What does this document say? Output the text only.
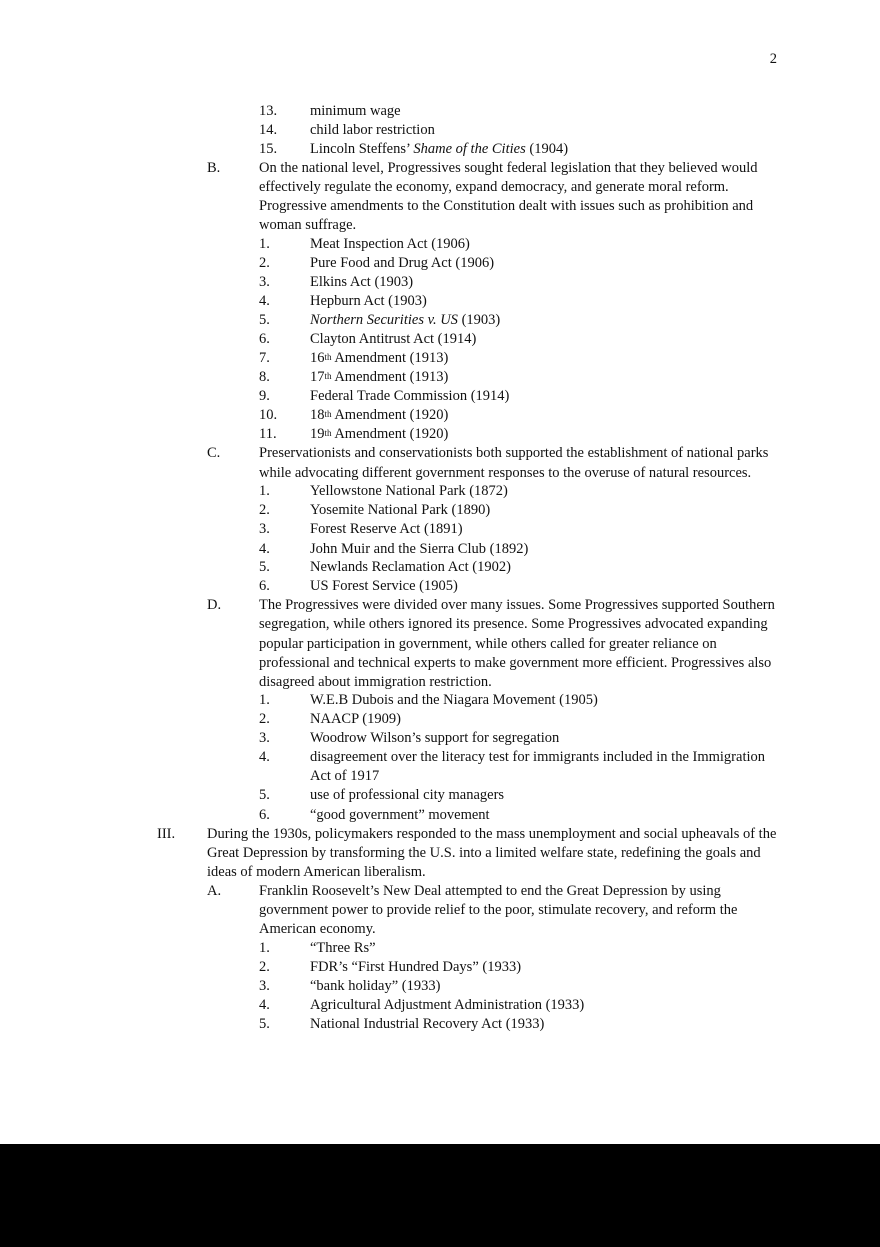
2
13. minimum wage
14. child labor restriction
15. Lincoln Steffens’ Shame of the Cities (1904)
B.	On the national level, Progressives sought federal legislation that they believed would
effectively regulate the economy, expand democracy, and generate moral reform.
Progressive amendments to the Constitution dealt with issues such as prohibition and
woman suffrage.
1.	Meat Inspection Act (1906)
2.	Pure Food and Drug Act (1906)
3.	Elkins Act (1903)
4.	Hepburn Act (1903)
5.	Northern Securities v. US (1903)
6.	Clayton Antitrust Act (1914)
7.	16th Amendment (1913)
8.	17th Amendment (1913)
9.	Federal Trade Commission (1914)
10. 18th Amendment (1920)
11. 19th Amendment (1920)
C.	Preservationists and conservationists both supported the establishment of national parks
while advocating different government responses to the overuse of natural resources.
1.	Yellowstone National Park (1872)
2.	Yosemite National Park (1890)
3.	Forest Reserve Act (1891)
4.	John Muir and the Sierra Club (1892)
5.	Newlands Reclamation Act (1902)
6.	US Forest Service (1905)
D.	The Progressives were divided over many issues. Some Progressives supported Southern
segregation, while others ignored its presence. Some Progressives advocated expanding
popular participation in government, while others called for greater reliance on
professional and technical experts to make government more efficient. Progressives also
disagreed about immigration restriction.
1.	W.E.B Dubois and the Niagara Movement (1905)
2.	NAACP (1909)
3.	Woodrow Wilson’s support for segregation
4.	disagreement over the literacy test for immigrants included in the Immigration
Act of 1917
5.	use of professional city managers
6.	“good government” movement
III. During the 1930s, policymakers responded to the mass unemployment and social upheavals of the
Great Depression by transforming the U.S. into a limited welfare state, redefining the goals and
ideas of modern American liberalism.
A.	Franklin Roosevelt’s New Deal attempted to end the Great Depression by using
government power to provide relief to the poor, stimulate recovery, and reform the
American economy.
1.	“Three Rs”
2.	FDR’s “First Hundred Days” (1933)
3.	“bank holiday” (1933)
4.	Agricultural Adjustment Administration (1933)
5.	National Industrial Recovery Act (1933)
